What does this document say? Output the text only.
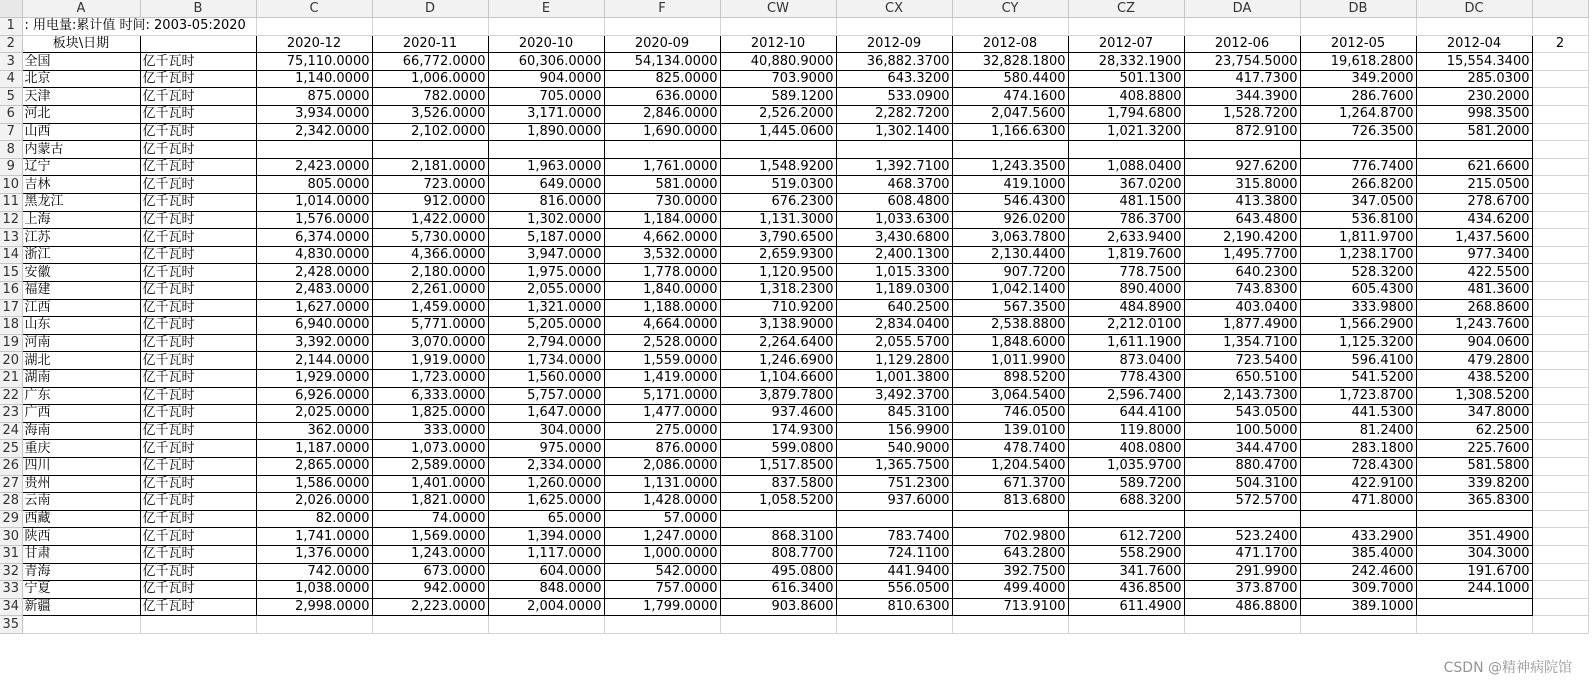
	A	B	C	D	E	F	CW	CX	CY	CZ	DA	DB	DC	
1	: 用电量:累计值 时间: 2003-05:2020													
2	板块\日期		2020-12	2020-11	2020-10	2020-09	2012-10	2012-09	2012-08	2012-07	2012-06	2012-05	2012-04	2
3	全国	亿千瓦时	75,110.0000	66,772.0000	60,306.0000	54,134.0000	40,880.9000	36,882.3700	32,828.1800	28,332.1900	23,754.5000	19,618.2800	15,554.3400	
4	北京	亿千瓦时	1,140.0000	1,006.0000	904.0000	825.0000	703.9000	643.3200	580.4400	501.1300	417.7300	349.2000	285.0300	
5	天津	亿千瓦时	875.0000	782.0000	705.0000	636.0000	589.1200	533.0900	474.1600	408.8800	344.3900	286.7600	230.2000	
6	河北	亿千瓦时	3,934.0000	3,526.0000	3,171.0000	2,846.0000	2,526.2000	2,282.7200	2,047.5600	1,794.6800	1,528.7200	1,264.8700	998.3500	
7	山西	亿千瓦时	2,342.0000	2,102.0000	1,890.0000	1,690.0000	1,445.0600	1,302.1400	1,166.6300	1,021.3200	872.9100	726.3500	581.2000	
8	内蒙古	亿千瓦时												
9	辽宁	亿千瓦时	2,423.0000	2,181.0000	1,963.0000	1,761.0000	1,548.9200	1,392.7100	1,243.3500	1,088.0400	927.6200	776.7400	621.6600	
10	吉林	亿千瓦时	805.0000	723.0000	649.0000	581.0000	519.0300	468.3700	419.1000	367.0200	315.8000	266.8200	215.0500	
11	黑龙江	亿千瓦时	1,014.0000	912.0000	816.0000	730.0000	676.2300	608.4800	546.4300	481.1500	413.3800	347.0500	278.6700	
12	上海	亿千瓦时	1,576.0000	1,422.0000	1,302.0000	1,184.0000	1,131.3000	1,033.6300	926.0200	786.3700	643.4800	536.8100	434.6200	
13	江苏	亿千瓦时	6,374.0000	5,730.0000	5,187.0000	4,662.0000	3,790.6500	3,430.6800	3,063.7800	2,633.9400	2,190.4200	1,811.9700	1,437.5600	
14	浙江	亿千瓦时	4,830.0000	4,366.0000	3,947.0000	3,532.0000	2,659.9300	2,400.1300	2,130.4400	1,819.7600	1,495.7700	1,238.1700	977.3400	
15	安徽	亿千瓦时	2,428.0000	2,180.0000	1,975.0000	1,778.0000	1,120.9500	1,015.3300	907.7200	778.7500	640.2300	528.3200	422.5500	
16	福建	亿千瓦时	2,483.0000	2,261.0000	2,055.0000	1,840.0000	1,318.2300	1,189.0300	1,042.1400	890.4000	743.8300	605.4300	481.3600	
17	江西	亿千瓦时	1,627.0000	1,459.0000	1,321.0000	1,188.0000	710.9200	640.2500	567.3500	484.8900	403.0400	333.9800	268.8600	
18	山东	亿千瓦时	6,940.0000	5,771.0000	5,205.0000	4,664.0000	3,138.9000	2,834.0400	2,538.8800	2,212.0100	1,877.4900	1,566.2900	1,243.7600	
19	河南	亿千瓦时	3,392.0000	3,070.0000	2,794.0000	2,528.0000	2,264.6400	2,055.5700	1,848.6000	1,611.1900	1,354.7100	1,125.3200	904.0600	
20	湖北	亿千瓦时	2,144.0000	1,919.0000	1,734.0000	1,559.0000	1,246.6900	1,129.2800	1,011.9900	873.0400	723.5400	596.4100	479.2800	
21	湖南	亿千瓦时	1,929.0000	1,723.0000	1,560.0000	1,419.0000	1,104.6600	1,001.3800	898.5200	778.4300	650.5100	541.5200	438.5200	
22	广东	亿千瓦时	6,926.0000	6,333.0000	5,757.0000	5,171.0000	3,879.7800	3,492.3700	3,064.5400	2,596.7400	2,143.7300	1,723.8700	1,308.5200	
23	广西	亿千瓦时	2,025.0000	1,825.0000	1,647.0000	1,477.0000	937.4600	845.3100	746.0500	644.4100	543.0500	441.5300	347.8000	
24	海南	亿千瓦时	362.0000	333.0000	304.0000	275.0000	174.9300	156.9900	139.0100	119.8000	100.5000	81.2400	62.2500	
25	重庆	亿千瓦时	1,187.0000	1,073.0000	975.0000	876.0000	599.0800	540.9000	478.7400	408.0800	344.4700	283.1800	225.7600	
26	四川	亿千瓦时	2,865.0000	2,589.0000	2,334.0000	2,086.0000	1,517.8500	1,365.7500	1,204.5400	1,035.9700	880.4700	728.4300	581.5800	
27	贵州	亿千瓦时	1,586.0000	1,401.0000	1,260.0000	1,131.0000	837.5800	751.2300	671.3700	589.7200	504.3100	422.9100	339.8200	
28	云南	亿千瓦时	2,026.0000	1,821.0000	1,625.0000	1,428.0000	1,058.5200	937.6000	813.6800	688.3200	572.5700	471.8000	365.8300	
29	西藏	亿千瓦时	82.0000	74.0000	65.0000	57.0000								
30	陕西	亿千瓦时	1,741.0000	1,569.0000	1,394.0000	1,247.0000	868.3100	783.7400	702.9800	612.7200	523.2400	433.2900	351.4900	
31	甘肃	亿千瓦时	1,376.0000	1,243.0000	1,117.0000	1,000.0000	808.7700	724.1100	643.2800	558.2900	471.1700	385.4000	304.3000	
32	青海	亿千瓦时	742.0000	673.0000	604.0000	542.0000	495.0800	441.9400	392.7500	341.7600	291.9900	242.4600	191.6700	
33	宁夏	亿千瓦时	1,038.0000	942.0000	848.0000	757.0000	616.3400	556.0500	499.4000	436.8500	373.8700	309.7000	244.1000	
34	新疆	亿千瓦时	2,998.0000	2,223.0000	2,004.0000	1,799.0000	903.8600	810.6300	713.9100	611.4900	486.8800	389.1000		
35														
CSDN @精神病院馆
